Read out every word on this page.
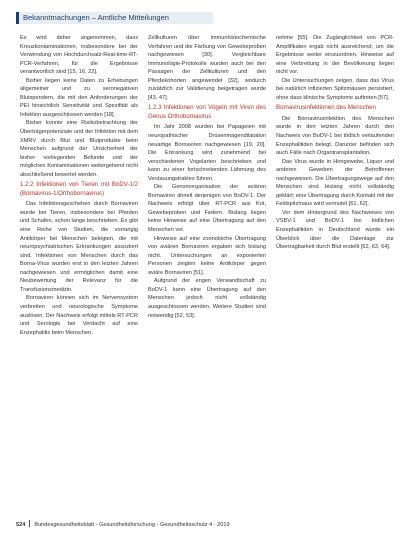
Bekanntmachungen – Amtliche Mitteilungen

Es wird daher angenommen, dass Kreuzkontaminationen, insbesondere bei der Verwendung von Hochdurchsatz-Real-time-RT-PCR-Verfahren, für die Ergebnisse verantwortlich sind [15, 16, 22].

Bisher liegen keine Daten zu Erhebungen allgemeiner und zu seronegativen Blutspendern, die mit den Anforderungen der PEI hinsichtlich Sensitivität und Spezifität als Infektion ausgeschlossen werden [18].

Bisher konnte eine Risikobetrachtung der Überträgerpotenziale und der Infektion mit dem XMRV durch Blut und Blutprodukte beim Menschen aufgrund der Unsicherheit der bisher vorliegenden Befunde und der möglichen Kontaminationen weitergehend nicht abschließend bewertet werden.

1.2.2 Infektionen von Tieren mit BoDV-1/2 (Bornavirus-1/Orthobornavirus)

Das Infektionsgeschehen durch Bornaviren wurde bei Tieren, insbesondere bei Pferden und Schafen, schon lange beschrieben. Es gibt eine Reihe von Studien, die vorrangig Antikörper bei Menschen belegten, die mit neuropsychiatrischen Erkrankungen assoziiert sind. Infektionen von Menschen durch das Borna-Virus wurden erst in den letzten Jahren nachgewiesen und ermöglichen damit eine Neubewertung der Relevanz für die Transfusionsmedizin.

Bornaviren können sich im Nervensystem verbreiten und neurologische Symptome auslösen. Der Nachweis erfolgt mittels RT-PCR und Serologie bei Verdacht auf eine Enzephalitis beim Menschen.

Zellkulturen über immunhistochemische Verfahren und die Färbung von Gewebeproben nachgewiesen [30]. Vergleichbare Immunologie-Protokolle wurden auch bei den Passagen der Zellkulturen und den Pferdekohorten angewendet [32], wodurch zusätzlich zur Validierung beigetragen wurde [43, 47].

1.2.3 Infektionen von Vögeln mit Viren des Genus Orthobornavirus

Im Jahr 2008 wurden bei Papageien mit neuropathischer Drüsenmagendilatation neuartige Bornaviren nachgewiesen [19, 20]. Die Erkrankung wird zunehmend bei verschiedenen Vogelarten beschrieben und kann zu einer fortschreitenden Lähmung des Verdauungstraktes führen.

Die Genomorganisation der aviären Bornaviren ähnelt derjenigen von BoDV-1. Der Nachweis erfolgt über RT-PCR aus Kot, Gewebeproben und Federn. Bislang liegen keine Hinweise auf eine Übertragung auf den Menschen vor.

Hinweise auf eine zoonotische Übertragung von aviären Bornaviren ergaben sich bislang nicht. Untersuchungen an exponierten Personen zeigten keine Antikörper gegen aviäre Bornaviren [51].

Aufgrund der engen Verwandtschaft zu BoDV-1 kann eine Übertragung auf den Menschen jedoch nicht vollständig ausgeschlossen werden. Weitere Studien sind notwendig [52, 53].

nehme [55]. Die Zugänglichkeit von PCR-Amplifikaten ergab nicht ausreichend, um die Ergebnisse weiter einzuordnen. Hinweise auf eine Verbreitung in der Bevölkerung liegen nicht vor.

Die Untersuchungen zeigen, dass das Virus bei natürlich infizierten Spitzmäusen persistiert, ohne dass klinische Symptome auftreten [57].

Bornavirusinfektionen des Menschen

Die Bornavirusinfektion des Menschen wurde in den letzten Jahren durch den Nachweis von BoDV-1 bei tödlich verlaufenden Enzephalitiden belegt. Darunter befinden sich auch Fälle nach Organtransplantation.

Das Virus wurde in Hirngewebe, Liquor und anderen Geweben der Betroffenen nachgewiesen. Die Übertragungswege auf den Menschen sind bislang nicht vollständig geklärt; eine Übertragung durch Kontakt mit der Feldspitzmaus wird vermutet [61, 62].

Vor dem Hintergrund des Nachweises von VSBV-1 und BoDV-1 bei tödlichen Enzephalitiden in Deutschland wurde ein Überblick über die Datenlage zur Übertragbarkeit durch Blut erstellt [62, 63, 64].

524 Bundesgesundheitsblatt - Gesundheitsforschung - Gesundheitsschutz 4 · 2019
